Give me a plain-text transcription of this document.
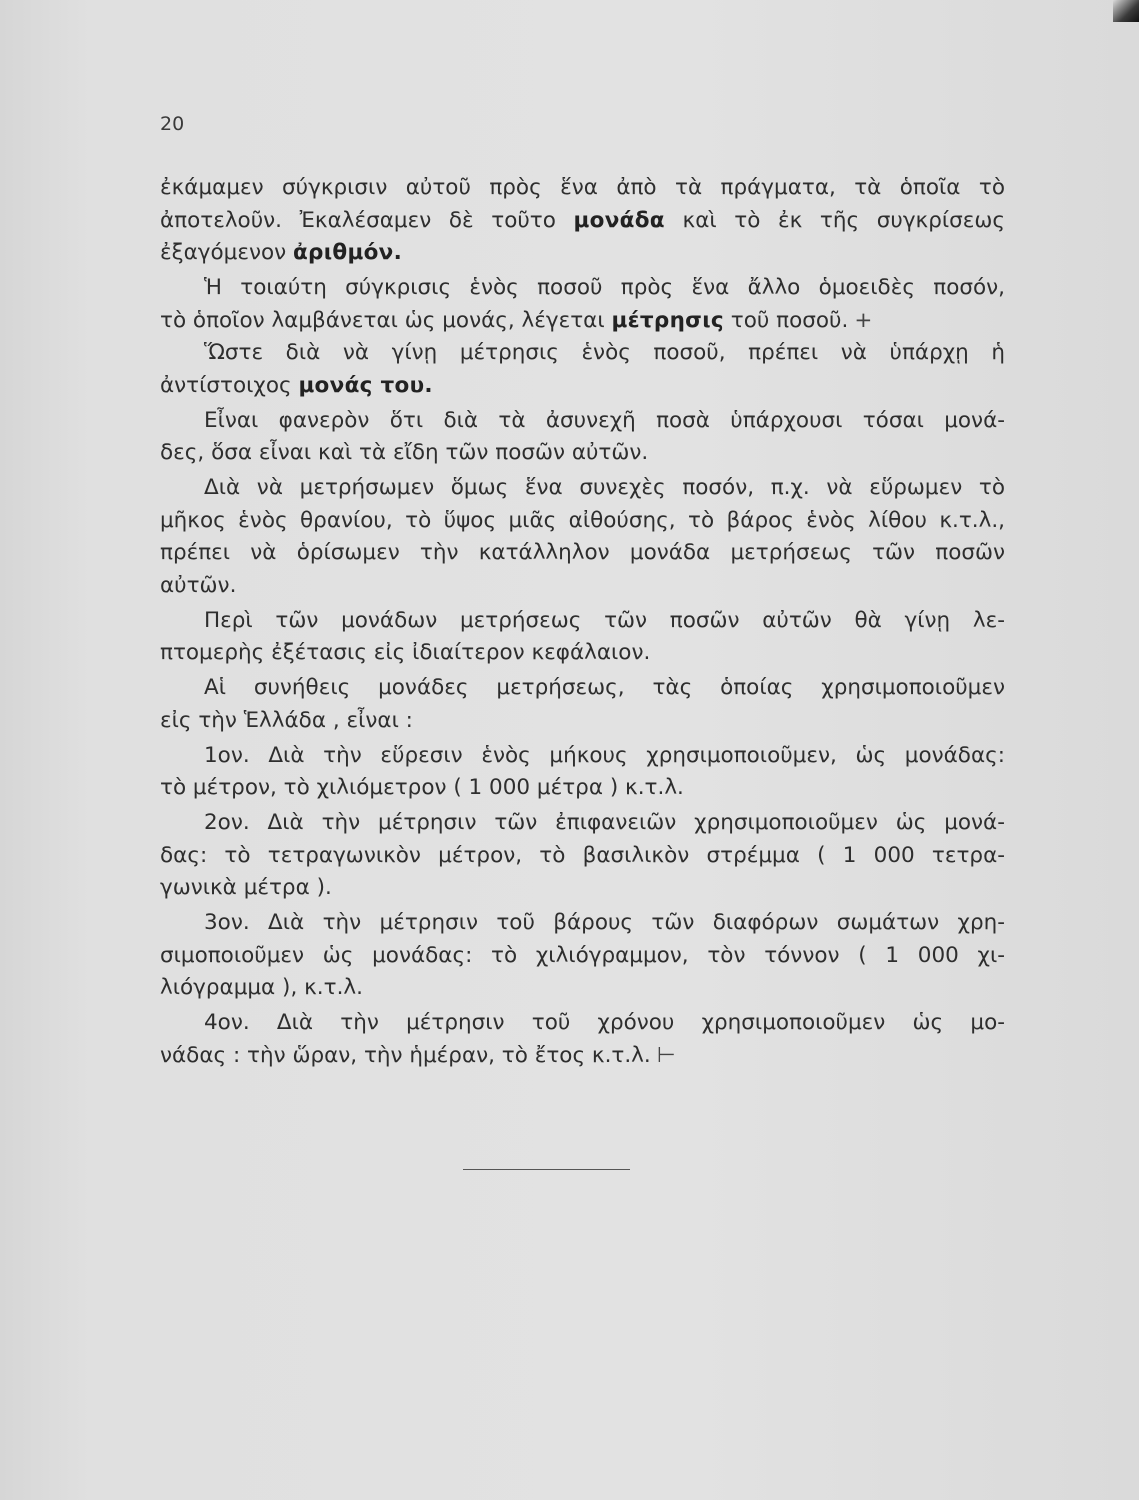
20
ἐκάμαμεν σύγκρισιν αὐτοῦ πρὸς ἕνα ἀπὸ τὰ πράγματα, τὰ ὁποῖα τὸ
ἀποτελοῦν. Ἐκαλέσαμεν δὲ τοῦτο μονάδα καὶ τὸ ἐκ τῆς συγκρίσεως
ἐξαγόμενον ἀριθμόν.
Ἡ τοιαύτη σύγκρισις ἑνὸς ποσοῦ πρὸς ἕνα ἄλλο ὁμοειδὲς ποσόν,
τὸ ὁποῖον λαμβάνεται ὡς μονάς, λέγεται μέτρησις τοῦ ποσοῦ. +
Ὥστε διὰ νὰ γίνῃ μέτρησις ἑνὸς ποσοῦ, πρέπει νὰ ὑπάρχῃ ἡ
ἀντίστοιχος μονάς του.
Εἶναι φανερὸν ὅτι διὰ τὰ ἀσυνεχῆ ποσὰ ὑπάρχουσι τόσαι μονά-
δες, ὅσα εἶναι καὶ τὰ εἴδη τῶν ποσῶν αὐτῶν.
Διὰ νὰ μετρήσωμεν ὅμως ἕνα συνεχὲς ποσόν, π.χ. νὰ εὕρωμεν τὸ
μῆκος ἑνὸς θρανίου, τὸ ὕψος μιᾶς αἰθούσης, τὸ βάρος ἑνὸς λίθου κ.τ.λ.,
πρέπει νὰ ὁρίσωμεν τὴν κατάλληλον μονάδα μετρήσεως τῶν ποσῶν
αὐτῶν.
Περὶ τῶν μονάδων μετρήσεως τῶν ποσῶν αὐτῶν θὰ γίνῃ λε-
πτομερὴς ἐξέτασις εἰς ἰδιαίτερον κεφάλαιον.
Αἱ συνήθεις μονάδες μετρήσεως, τὰς ὁποίας χρησιμοποιοῦμεν
εἰς τὴν Ἑλλάδα , εἶναι :
1ον. Διὰ τὴν εὕρεσιν ἑνὸς μήκους χρησιμοποιοῦμεν, ὡς μονάδας:
τὸ μέτρον, τὸ χιλιόμετρον ( 1 000 μέτρα ) κ.τ.λ.
2ον. Διὰ τὴν μέτρησιν τῶν ἐπιφανειῶν χρησιμοποιοῦμεν ὡς μονά-
δας: τὸ τετραγωνικὸν μέτρον, τὸ βασιλικὸν στρέμμα ( 1 000 τετρα-
γωνικὰ μέτρα ).
3ον. Διὰ τὴν μέτρησιν τοῦ βάρους τῶν διαφόρων σωμάτων χρη-
σιμοποιοῦμεν ὡς μονάδας: τὸ χιλιόγραμμον, τὸν τόννον ( 1 000 χι-
λιόγραμμα ), κ.τ.λ.
4ον. Διὰ τὴν μέτρησιν τοῦ χρόνου χρησιμοποιοῦμεν ὡς μο-
νάδας : τὴν ὥραν, τὴν ἡμέραν, τὸ ἔτος κ.τ.λ. ⊢
